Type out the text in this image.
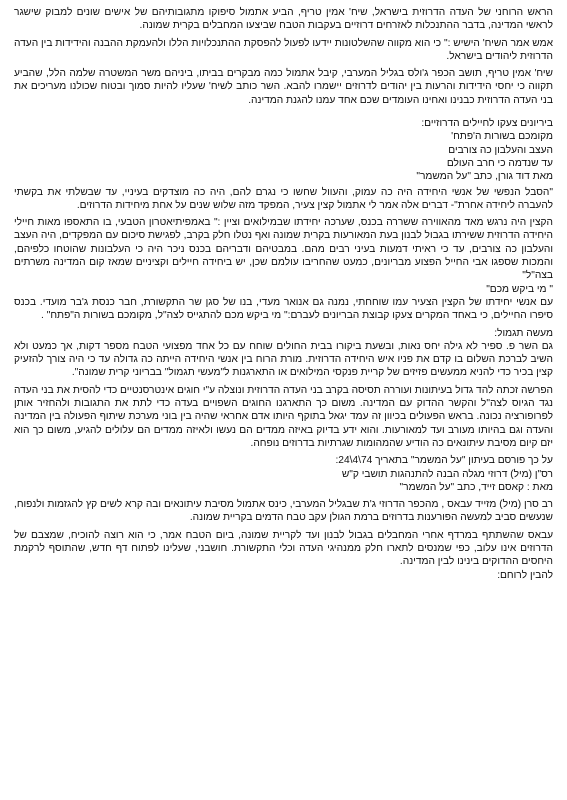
הראש הרוחני של העדה הדרוזית בישראל, שיח' אמין טריף, הביע אתמול סיפוקו מתגובותיהם של אישים שונים למבוק שישגר לראשי המדינה, בדבר ההתנכלות לאזרחים דרוזיים בעקבות הטבח שביצעו המחבלים בקרית שמונה.

אמש אמר השיח' הישיש :" כי הוא מקווה שהשלטונות יידעו לפעול להפסקת ההתנכלויות הללו ולהעמקת ההבנה והידידות בין העדה הדרוזית ליהודים בישראל.

שיח' אמין טריף, תושב הכפר ג'ולס בגליל המערבי, קיבל אתמול כמה מבקרים בביתו, ביניהם משר המשטרה שלמה הלל, שהביע תקווה כי יחסי הידידות והרעות בין יהודים לדרוזים יישמרו להבא. השר כותב לשיח' שעליו להיות סמוך ובטוח שכולנו מעריכים את בני העדה הדרוזית כבנינו ואחינו העומדים שכם אחד עמנו להגנת המדינה.

ביריונים צעקו לחיילים הדרוזיים:
מקומכם בשורות ה'פתח'
העצב והעלבון כה צורבים
עד שנדמה כי חרב העולם
מאת דוד גורן, כתב "על המשמר"

"הסבל הנפשי של אנשי היחידה היה כה עמוק, והעוול שחשו כי נגרם להם, היה כה מוצדקים בעיניי, עד שבשלתי את בקשתי להעברה ליחידה אחרת"- דברים אלה אמר לי אתמול קצין צעיר, המפקד מזה שלוש שנים על אחת מיחידות הדרוזים.

הקצין היה נרגש מאד מהאווירה ששררה בכנס, שערכה יחידתו שבמילואים וציין :" באמפיתיאטרון הטבעי, בו התאספו מאות חיילי היחידה הדרוזית ששירתו בגבול לבנון בעת המאורעות בקרית שמונה ואף נטלו חלק בקרב, לפגישת סיכום עם המפקדים, היה העצב והעלבון כה צורבים, עד כי ראיתי דמעות בעיני רבים מהם. במבטיהם ודבריהם בכנס ניכר היה כי העלבונות שהוטחו כלפיהם, והמכות שספגו אבי החייל הפצוע מבריונים, כמעט שהחריבו עולמם שכן, יש ביחידה חיילים וקציניים שמאז קום המדינה משרתים בצה"ל"

" מי ביקש מכם"

עם אנשי יחידתו של הקצין הצעיר עמו שוחחתי, נמנה גם אנואר מעדי, בנו של סגן שר התקשורת, חבר כנסת ג'בר מועדי. בכנס סיפרו החיילים, כי באחד המקרים צעקו קבוצת הבריונים לעברם:" מי ביקש מכם להתגייס לצה"ל, מקומכם בשורות ה"פתח" .

מעשה תגמול:

גם השר פ. ספיר לא גילה יחס נאות, ובשעת ביקורו בבית החולים שוחח עם כל אחד מפצועי הטבח מספר דקות, אך כמעט ולא השיב לברכת השלום בו קדם את פניו איש היחידה הדרוזית. מורת הרוח בין אנשי היחידה הייתה כה גדולה עד כי היה צורך להזעיק קצין בכיר כדי להניא ממעשים פזיזים של קריית פנקסי המילואים או התארגנות ל"מעשי תגמול" בבריוני קרית שמונה".

הפרשה זכתה להד גדול בעיתונות ועוררה תסיסה בקרב בני העדה הדרוזית ונוצלה ע"י חוגים אינטרסנטיים כדי להסית את בני העדה נגד הגיוס לצה"ל והקשר ההדוק עם המדינה. משום כך התארגנו החוגים השפויים בעדה כדי לתת את התגובות ולהחזיר אותן לפרופורציה נכונה. בראש הפעולים בכיוון זה עמד יגאל בתוקף היותו אדם אחראי שהיה בין בוני מערכת שיתוף הפעולה בין המדינה והעדה וגם בהיותו מעורב ועד למאורעות. והוא ידע בדיוק באיזה ממדים הם נעשו ולאיזה ממדים הם עלולים להגיע, משום כך הוא יזם קיום מסיבת עיתונאים כה הודיע שהמהומות שגרתיות בדרוזים נופחה.

על כך פורסם בעיתון "על המשמר" בתאריך 74\4\24:
רס"ן (מיל) דרוזי מגלה הבנה להתנהגות תושבי ק"ש
מאת : קאסם זייד, כתב "על המשמר"

רב סרן (מיל) מזייד עבאס , מהכפר הדרוזי ג'ת שבגליל המערבי, כינס אתמול מסיבת עיתונאים ובה קרא לשים קץ להגזמות ולנפוח, שנעשים סביב למעשה הפורענות בדרוזים ברמת הגולן עקב טבח הדמים בקריית שמונה.

עבאס שהשתתף במרדף אחרי המחבלים בגבול לבנון ועד לקריית שמונה, ביום הטבח אמר, כי הוא רוצה להוכיח, שמצבם של הדרוזים אינו עלוב, כפי שמנסים לתארו חלק ממנהיגי העדה וכלי התקשורת. חושבני, שעלינו לפתוח דף חדש, שהתוסף לרקמת היחסים ההדוקים בינינו לבין המדינה.

להבין לרוחם:
